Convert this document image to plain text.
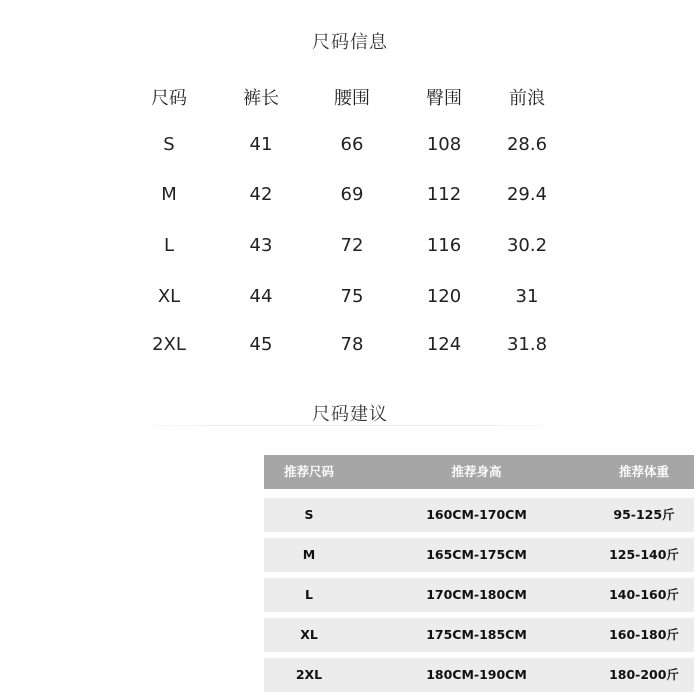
尺码信息
尺码	裤长	腰围	臀围	前浪
S	41	66	108	28.6
M	42	69	112	29.4
L	43	72	116	30.2
XL	44	75	120	31
2XL	45	78	124	31.8
尺码建议
推荐尺码	推荐身高	推荐体重
S	160CM-170CM	95-125斤
M	165CM-175CM	125-140斤
L	170CM-180CM	140-160斤
XL	175CM-185CM	160-180斤
2XL	180CM-190CM	180-200斤
